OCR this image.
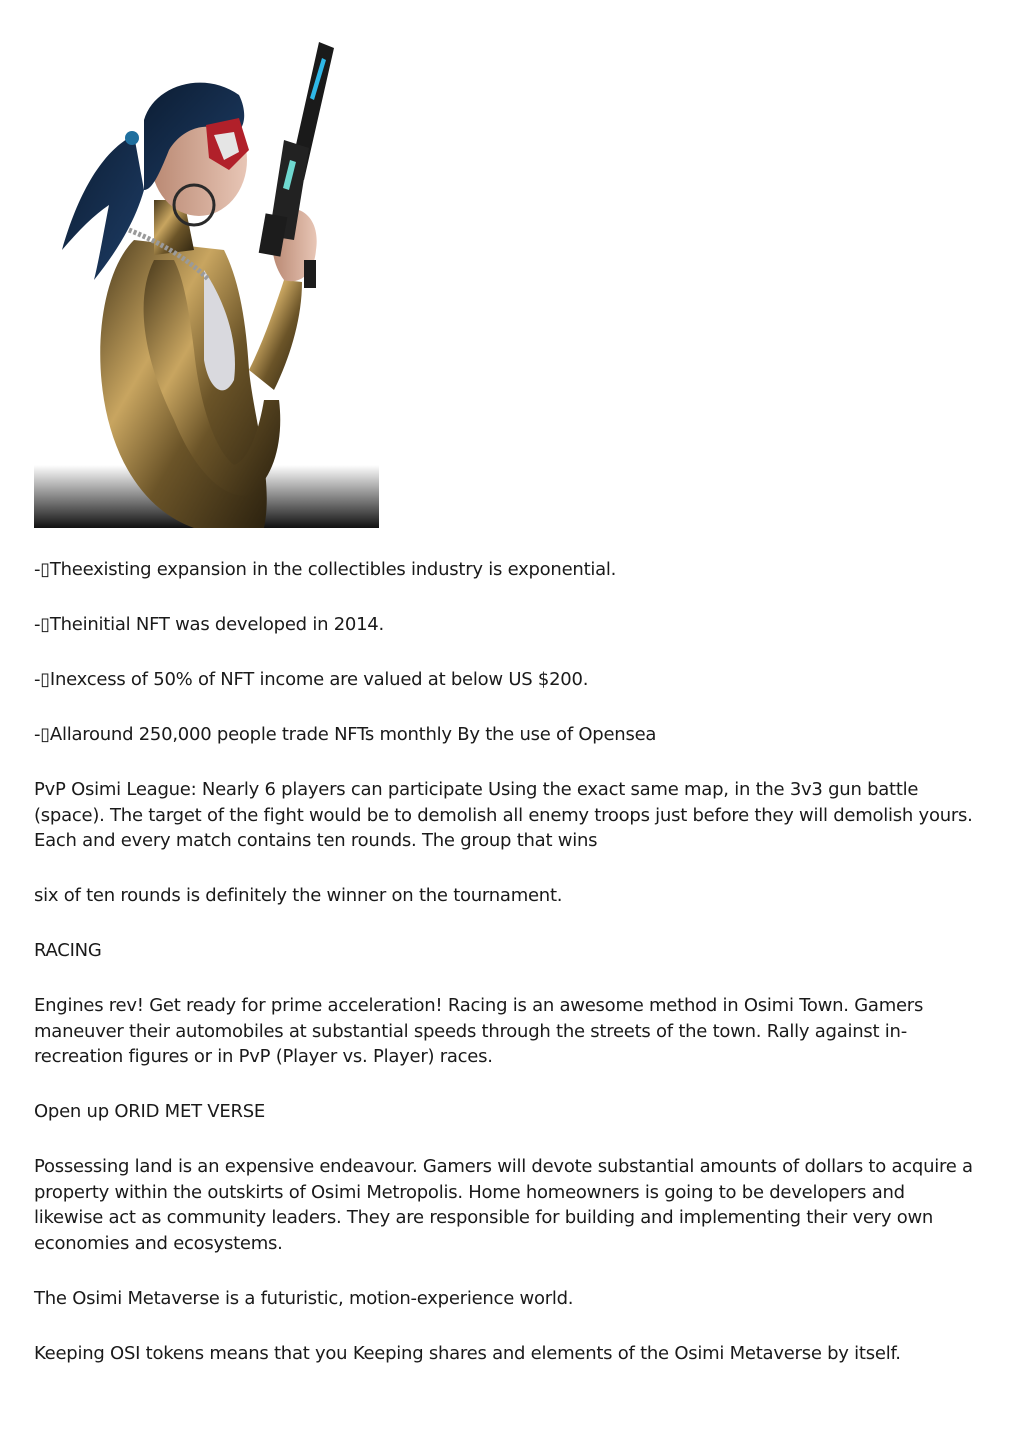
-▯Theexisting expansion in the collectibles industry is exponential.

-▯Theinitial NFT was developed in 2014.

-▯Inexcess of 50% of NFT income are valued at below US $200.

-▯Allaround 250,000 people trade NFTs monthly By the use of Opensea

PvP Osimi League: Nearly 6 players can participate Using the exact same map, in the 3v3 gun battle (space). The target of the fight would be to demolish all enemy troops just before they will demolish yours. Each and every match contains ten rounds. The group that wins

six of ten rounds is definitely the winner on the tournament.

RACING

Engines rev! Get ready for prime acceleration! Racing is an awesome method in Osimi Town. Gamers maneuver their automobiles at substantial speeds through the streets of the town. Rally against in-recreation figures or in PvP (Player vs. Player) races.

Open up ORID MET VERSE

Possessing land is an expensive endeavour. Gamers will devote substantial amounts of dollars to acquire a property within the outskirts of Osimi Metropolis. Home homeowners is going to be developers and likewise act as community leaders. They are responsible for building and implementing their very own economies and ecosystems.

The Osimi Metaverse is a futuristic, motion-experience world.

Keeping OSI tokens means that you Keeping shares and elements of the Osimi Metaverse by itself.
